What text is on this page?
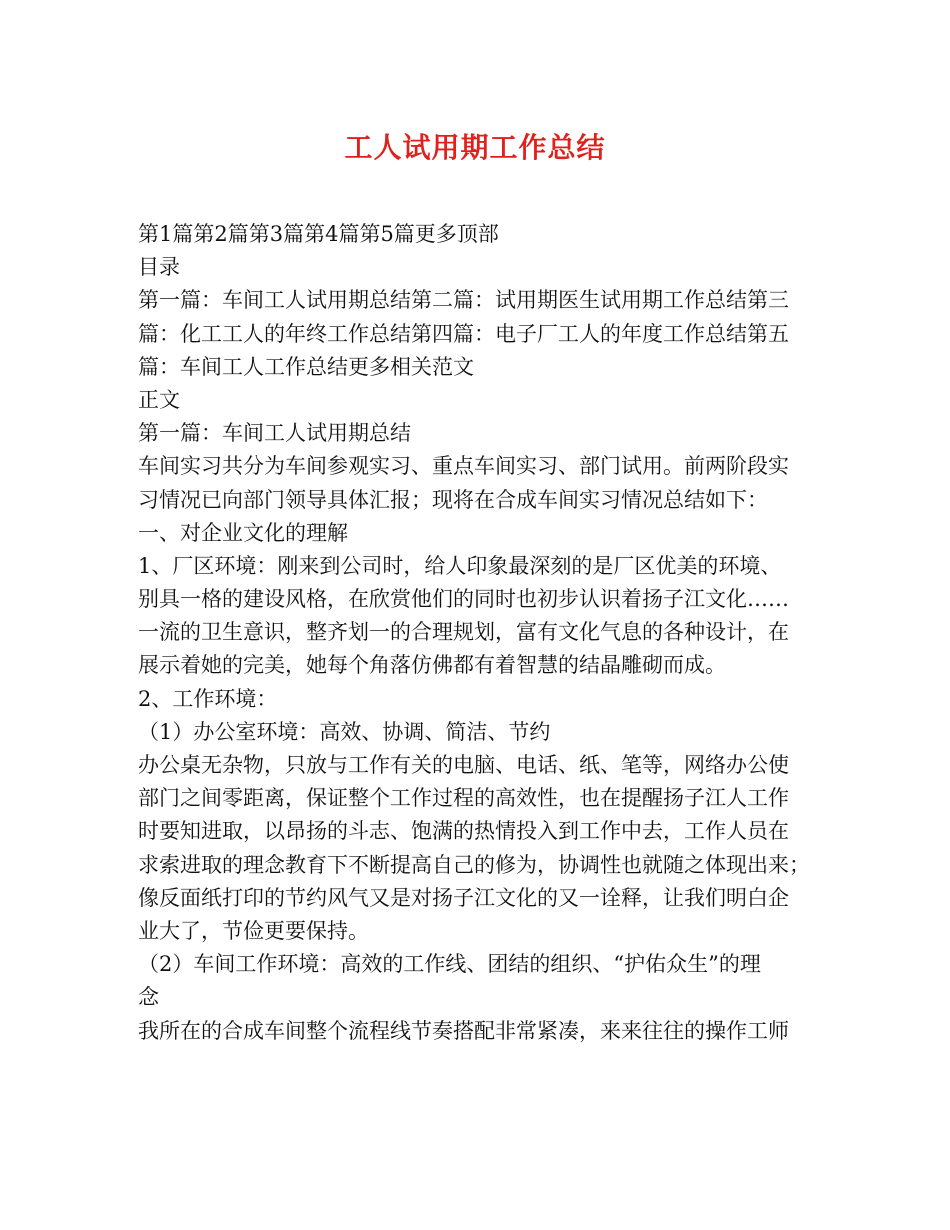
工人试用期工作总结
第1篇第2篇第3篇第4篇第5篇更多顶部
目录
第一篇：车间工人试用期总结第二篇：试用期医生试用期工作总结第三
篇：化工工人的年终工作总结第四篇：电子厂工人的年度工作总结第五
篇：车间工人工作总结更多相关范文
正文
第一篇：车间工人试用期总结
车间实习共分为车间参观实习、重点车间实习、部门试用。前两阶段实
习情况已向部门领导具体汇报；现将在合成车间实习情况总结如下：
一、对企业文化的理解
1、厂区环境：刚来到公司时，给人印象最深刻的是厂区优美的环境、
别具一格的建设风格，在欣赏他们的同时也初步认识着扬子江文化……
一流的卫生意识，整齐划一的合理规划，富有文化气息的各种设计，在
展示着她的完美，她每个角落仿佛都有着智慧的结晶雕砌而成。
2、工作环境：
（1）办公室环境：高效、协调、简洁、节约
办公桌无杂物，只放与工作有关的电脑、电话、纸、笔等，网络办公使
部门之间零距离，保证整个工作过程的高效性，也在提醒扬子江人工作
时要知进取，以昂扬的斗志、饱满的热情投入到工作中去，工作人员在
求索进取的理念教育下不断提高自己的修为，协调性也就随之体现出来；
像反面纸打印的节约风气又是对扬子江文化的又一诠释，让我们明白企
业大了，节俭更要保持。
（2）车间工作环境：高效的工作线、团结的组织、“护佑众生”的理
念
我所在的合成车间整个流程线节奏搭配非常紧凑，来来往往的操作工师
